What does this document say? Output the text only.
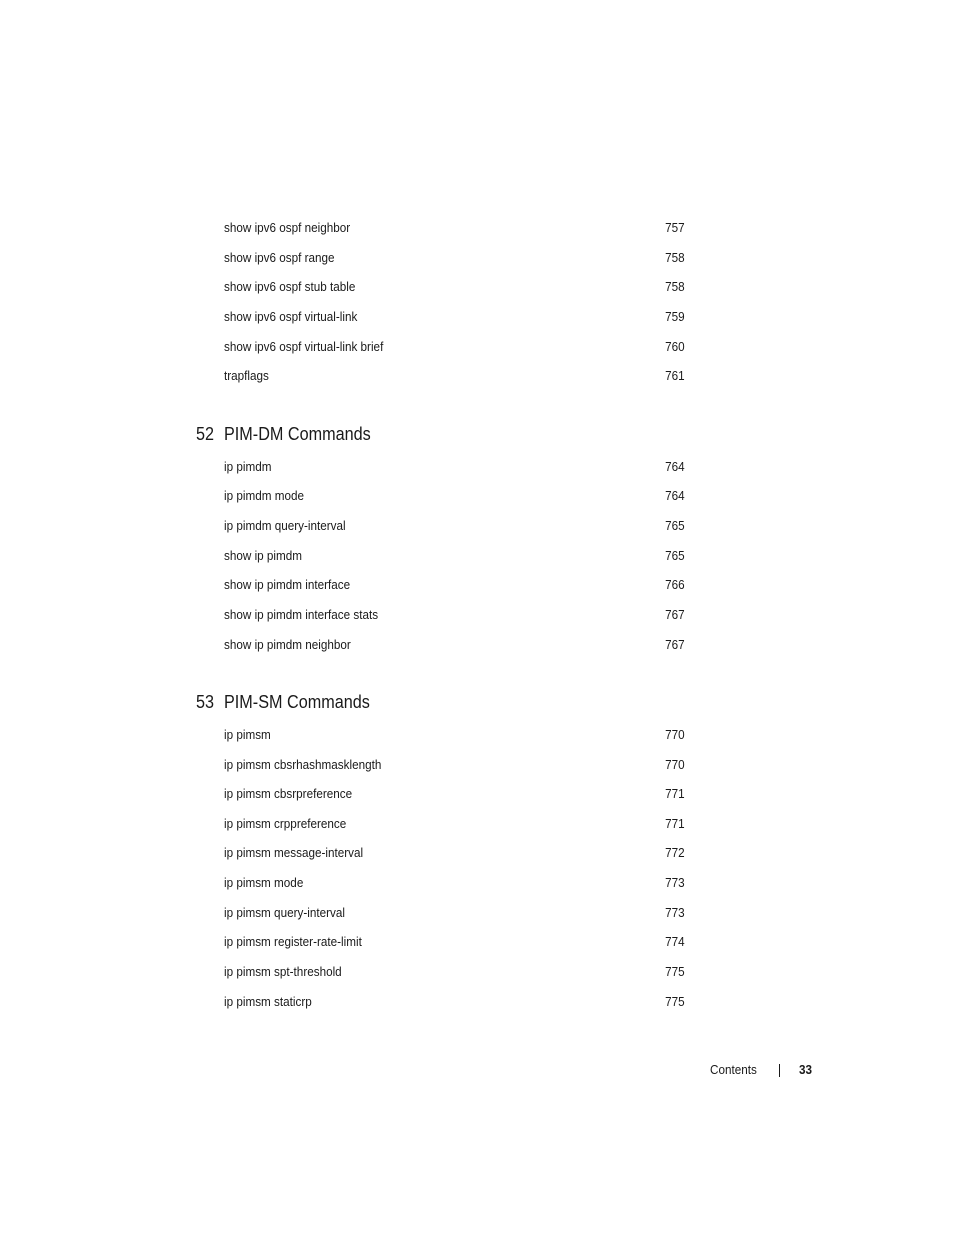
show ipv6 ospf neighbor	757
show ipv6 ospf range	758
show ipv6 ospf stub table	758
show ipv6 ospf virtual-link	759
show ipv6 ospf virtual-link brief	760
trapflags	761
52 PIM-DM Commands
ip pimdm	764
ip pimdm mode	764
ip pimdm query-interval	765
show ip pimdm	765
show ip pimdm interface	766
show ip pimdm interface stats	767
show ip pimdm neighbor	767
53 PIM-SM Commands
ip pimsm	770
ip pimsm cbsrhashmasklength	770
ip pimsm cbsrpreference	771
ip pimsm crppreference	771
ip pimsm message-interval	772
ip pimsm mode	773
ip pimsm query-interval	773
ip pimsm register-rate-limit	774
ip pimsm spt-threshold	775
ip pimsm staticrp	775
Contents	33
